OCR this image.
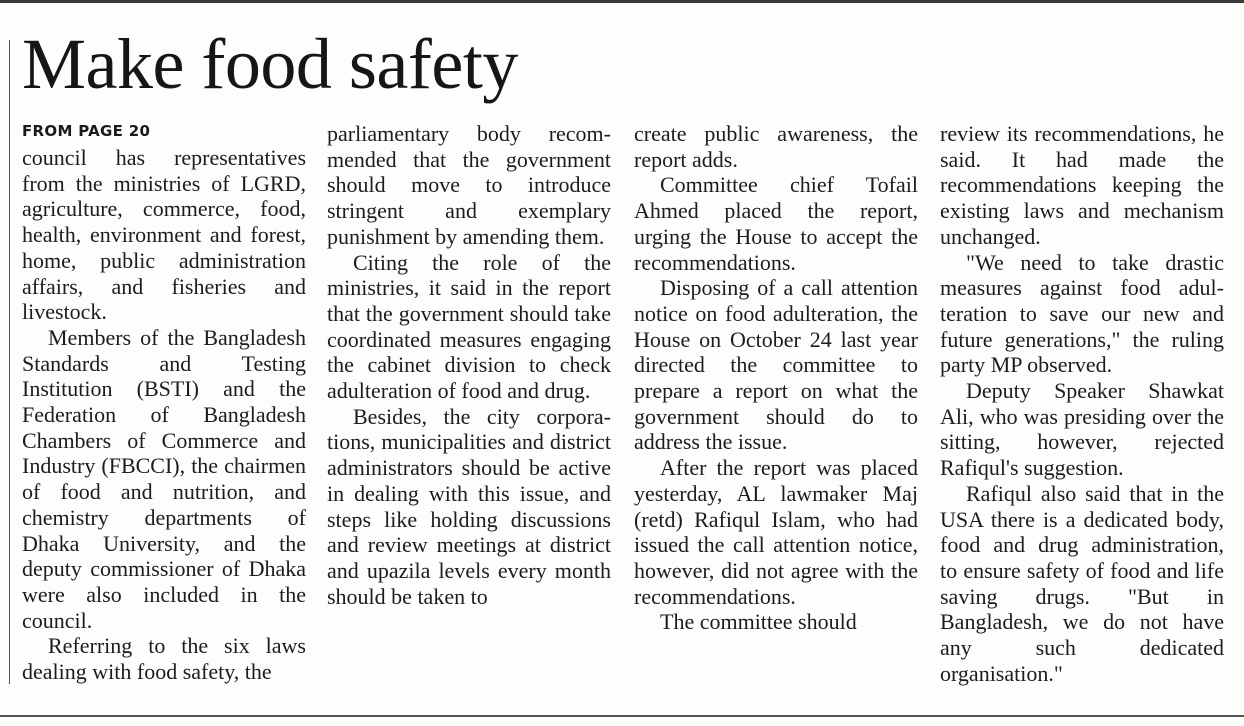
Make food safety
FROM PAGE 20

council has representatives from the ministries of LGRD, agriculture, commerce, food, health, environment and forest, home, public administration affairs, and fisheries and livestock.

Members of the Bangladesh Standards and Testing Institution (BSTI) and the Federation of Bangladesh Chambers of Commerce and Industry (FBCCI), the chairmen of food and nutrition, and chemistry departments of Dhaka University, and the deputy commissioner of Dhaka were also included in the council.

Referring to the six laws dealing with food safety, the

parliamentary body recommended that the government should move to introduce stringent and exemplary punishment by amending them.

Citing the role of the ministries, it said in the report that the government should take coordinated measures engaging the cabinet division to check adulteration of food and drug.

Besides, the city corporations, municipalities and district administrators should be active in dealing with this issue, and steps like holding discussions and review meetings at district and upazila levels every month should be taken to

create public awareness, the report adds.

Committee chief Tofail Ahmed placed the report, urging the House to accept the recommendations.

Disposing of a call attention notice on food adulteration, the House on October 24 last year directed the committee to prepare a report on what the government should do to address the issue.

After the report was placed yesterday, AL lawmaker Maj (retd) Rafiqul Islam, who had issued the call attention notice, however, did not agree with the recommendations.

The committee should

review its recommendations, he said. It had made the recommendations keeping the existing laws and mechanism unchanged.

"We need to take drastic measures against food adulteration to save our new and future generations," the ruling party MP observed.

Deputy Speaker Shawkat Ali, who was presiding over the sitting, however, rejected Rafiqul's suggestion.

Rafiqul also said that in the USA there is a dedicated body, food and drug administration, to ensure safety of food and life saving drugs. "But in Bangladesh, we do not have any such dedicated organisation."
